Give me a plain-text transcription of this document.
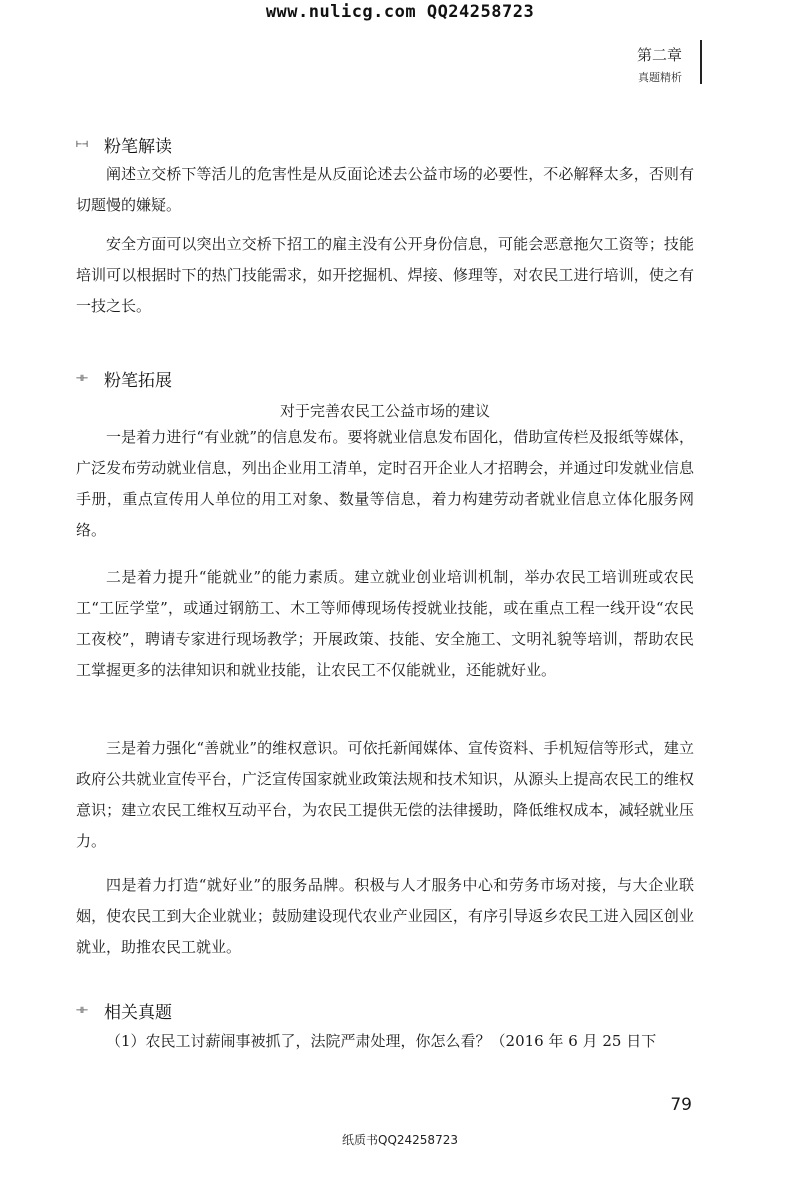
www.nulicg.com QQ24258723
第二章
真题精析
⊢⊣ 粉笔解读
阐述立交桥下等活儿的危害性是从反面论述去公益市场的必要性，不必解释太多，否则有切题慢的嫌疑。
安全方面可以突出立交桥下招工的雇主没有公开身份信息，可能会恶意拖欠工资等；技能培训可以根据时下的热门技能需求，如开挖掘机、焊接、修理等，对农民工进行培训，使之有一技之长。
⊣⊢ 粉笔拓展
对于完善农民工公益市场的建议
一是着力进行“有业就”的信息发布。要将就业信息发布固化，借助宣传栏及报纸等媒体，广泛发布劳动就业信息，列出企业用工清单，定时召开企业人才招聘会，并通过印发就业信息手册，重点宣传用人单位的用工对象、数量等信息，着力构建劳动者就业信息立体化服务网络。
二是着力提升“能就业”的能力素质。建立就业创业培训机制，举办农民工培训班或农民工“工匠学堂”，或通过钢筋工、木工等师傅现场传授就业技能，或在重点工程一线开设“农民工夜校”，聘请专家进行现场教学；开展政策、技能、安全施工、文明礼貌等培训，帮助农民工掌握更多的法律知识和就业技能，让农民工不仅能就业，还能就好业。
三是着力强化“善就业”的维权意识。可依托新闻媒体、宣传资料、手机短信等形式，建立政府公共就业宣传平台，广泛宣传国家就业政策法规和技术知识，从源头上提高农民工的维权意识；建立农民工维权互动平台，为农民工提供无偿的法律援助，降低维权成本，减轻就业压力。
四是着力打造“就好业”的服务品牌。积极与人才服务中心和劳务市场对接，与大企业联姻，使农民工到大企业就业；鼓励建设现代农业产业园区，有序引导返乡农民工进入园区创业就业，助推农民工就业。
⊣⊢ 相关真题
（1）农民工讨薪闹事被抓了，法院严肃处理，你怎么看？（2016 年 6 月 25 日下
79
纸质书QQ24258723
